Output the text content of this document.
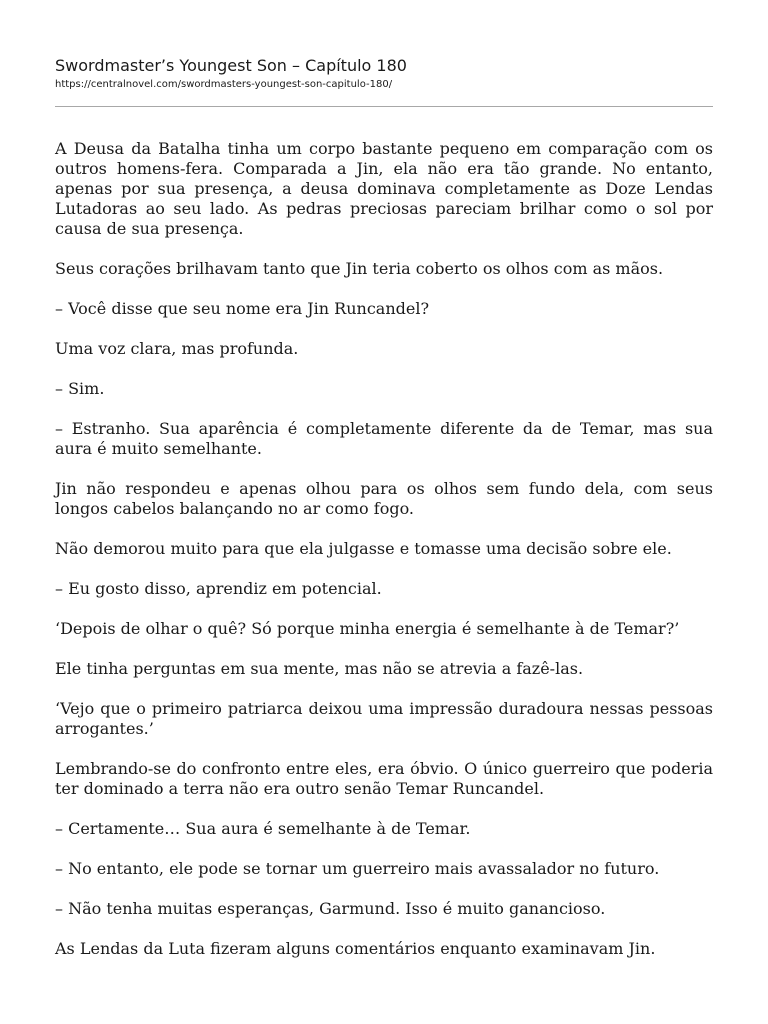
Swordmaster’s Youngest Son – Capítulo 180
https://centralnovel.com/swordmasters-youngest-son-capitulo-180/

A Deusa da Batalha tinha um corpo bastante pequeno em comparação com os outros homens-fera. Comparada a Jin, ela não era tão grande. No entanto, apenas por sua presença, a deusa dominava completamente as Doze Lendas Lutadoras ao seu lado. As pedras preciosas pareciam brilhar como o sol por causa de sua presença.

Seus corações brilhavam tanto que Jin teria coberto os olhos com as mãos.

– Você disse que seu nome era Jin Runcandel?

Uma voz clara, mas profunda.

– Sim.

– Estranho. Sua aparência é completamente diferente da de Temar, mas sua aura é muito semelhante.

Jin não respondeu e apenas olhou para os olhos sem fundo dela, com seus longos cabelos balançando no ar como fogo.

Não demorou muito para que ela julgasse e tomasse uma decisão sobre ele.

– Eu gosto disso, aprendiz em potencial.

‘Depois de olhar o quê? Só porque minha energia é semelhante à de Temar?’

Ele tinha perguntas em sua mente, mas não se atrevia a fazê-las.

‘Vejo que o primeiro patriarca deixou uma impressão duradoura nessas pessoas arrogantes.’

Lembrando-se do confronto entre eles, era óbvio. O único guerreiro que poderia ter dominado a terra não era outro senão Temar Runcandel.

– Certamente… Sua aura é semelhante à de Temar.

– No entanto, ele pode se tornar um guerreiro mais avassalador no futuro.

– Não tenha muitas esperanças, Garmund. Isso é muito ganancioso.

As Lendas da Luta fizeram alguns comentários enquanto examinavam Jin.
